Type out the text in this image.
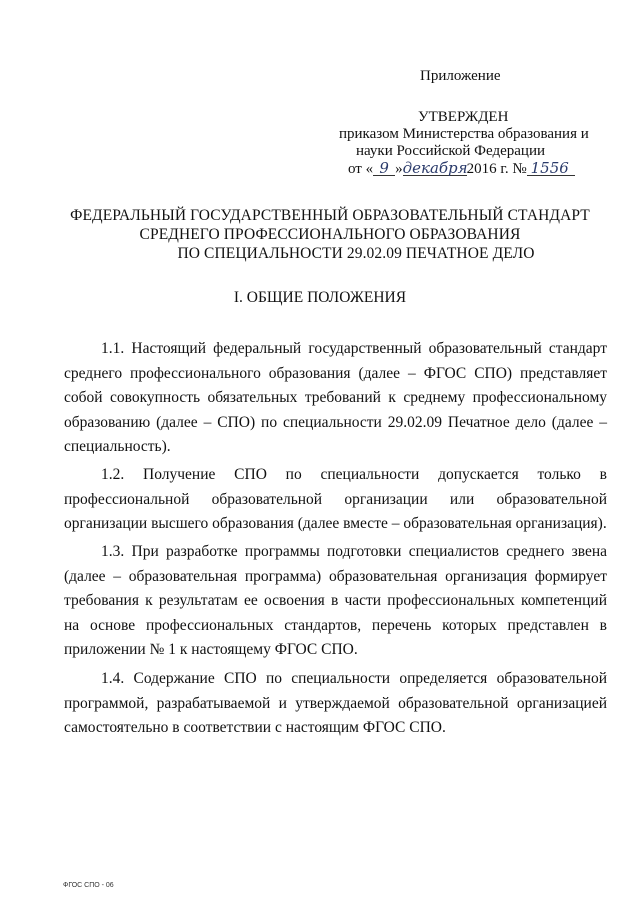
Приложение
УТВЕРЖДЕН
приказом Министерства образования и
науки Российской Федерации
от « 9 »декабря2016 г. № 1556
ФЕДЕРАЛЬНЫЙ ГОСУДАРСТВЕННЫЙ ОБРАЗОВАТЕЛЬНЫЙ СТАНДАРТ
СРЕДНЕГО ПРОФЕССИОНАЛЬНОГО ОБРАЗОВАНИЯ
ПО СПЕЦИАЛЬНОСТИ 29.02.09 ПЕЧАТНОЕ ДЕЛО
I. ОБЩИЕ ПОЛОЖЕНИЯ

1.1. Настоящий федеральный государственный образовательный стандарт среднего профессионального образования (далее – ФГОС СПО) представляет собой совокупность обязательных требований к среднему профессиональному образованию (далее – СПО) по специальности 29.02.09 Печатное дело (далее – специальность).

1.2. Получение СПО по специальности допускается только в профессиональной образовательной организации или образовательной организации высшего образования (далее вместе – образовательная организация).

1.3. При разработке программы подготовки специалистов среднего звена (далее – образовательная программа) образовательная организация формирует требования к результатам ее освоения в части профессиональных компетенций на основе профессиональных стандартов, перечень которых представлен в приложении № 1 к настоящему ФГОС СПО.

1.4. Содержание СПО по специальности определяется образовательной программой, разрабатываемой и утверждаемой образовательной организацией самостоятельно в соответствии с настоящим ФГОС СПО.

ФГОС СПО - 06
